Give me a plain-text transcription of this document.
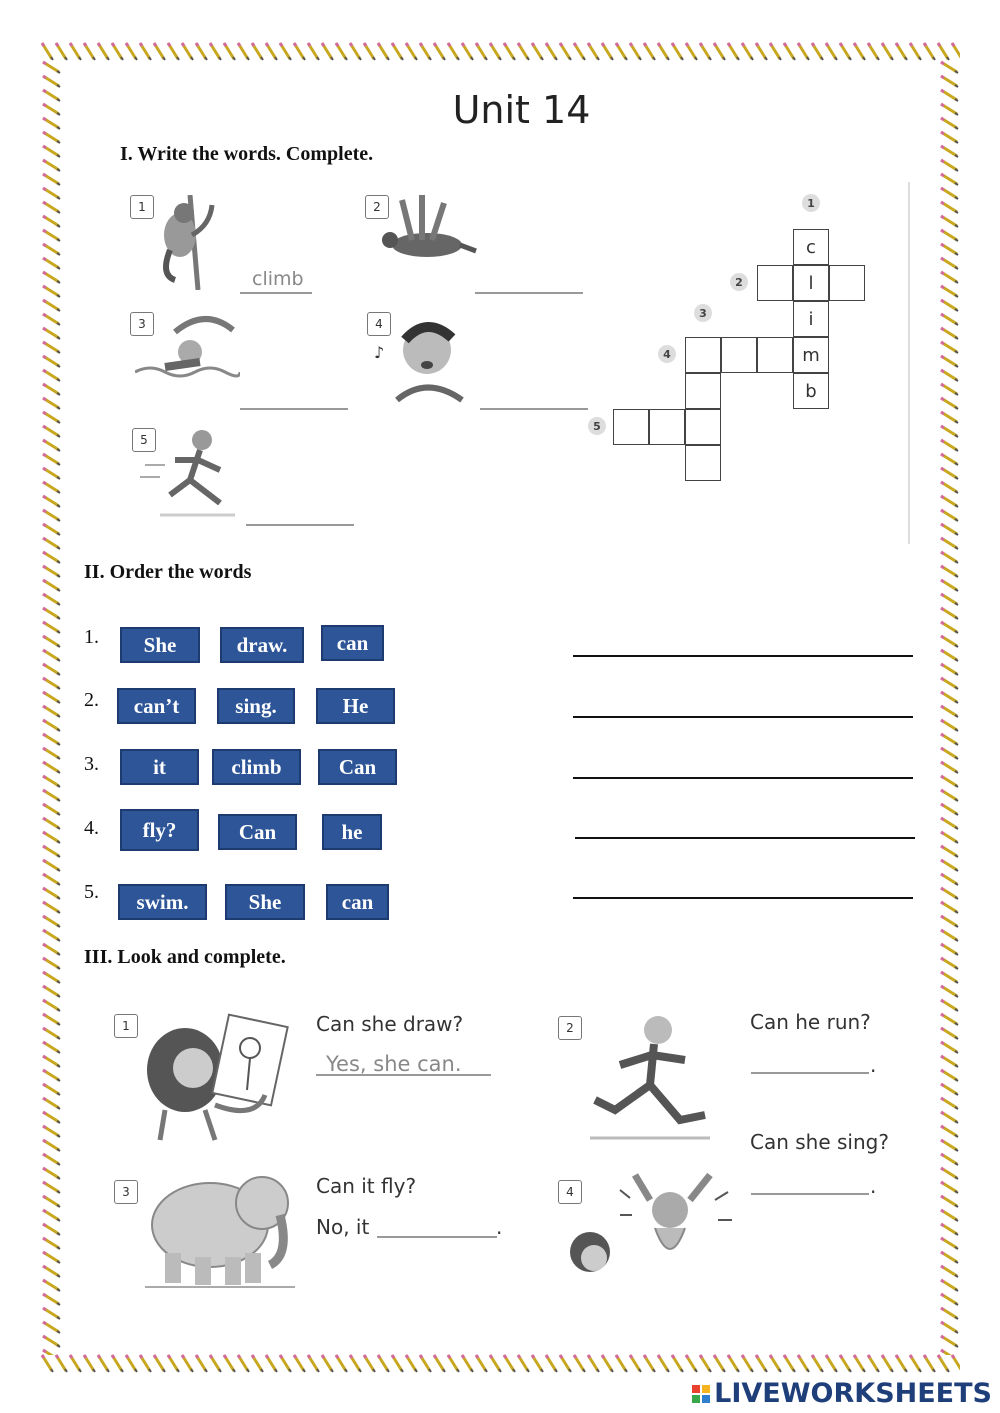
Unit 14
I. Write the words. Complete.
1
climb
2
3	4
♪
5
1
2
3
4
5
c
l
i
m
b
II. Order the words
1.	She	draw.	can
2.	can’t	sing.	He
3.	it	climb	Can
4.	fly?	Can	he
5.	swim.	She	can
III. Look and complete.
1	Can she draw?
Yes, she can.
2	Can he run?
.
3	Can it fly?
No, it	.
4
Can she sing?
.
LIVEWORKSHEETS
